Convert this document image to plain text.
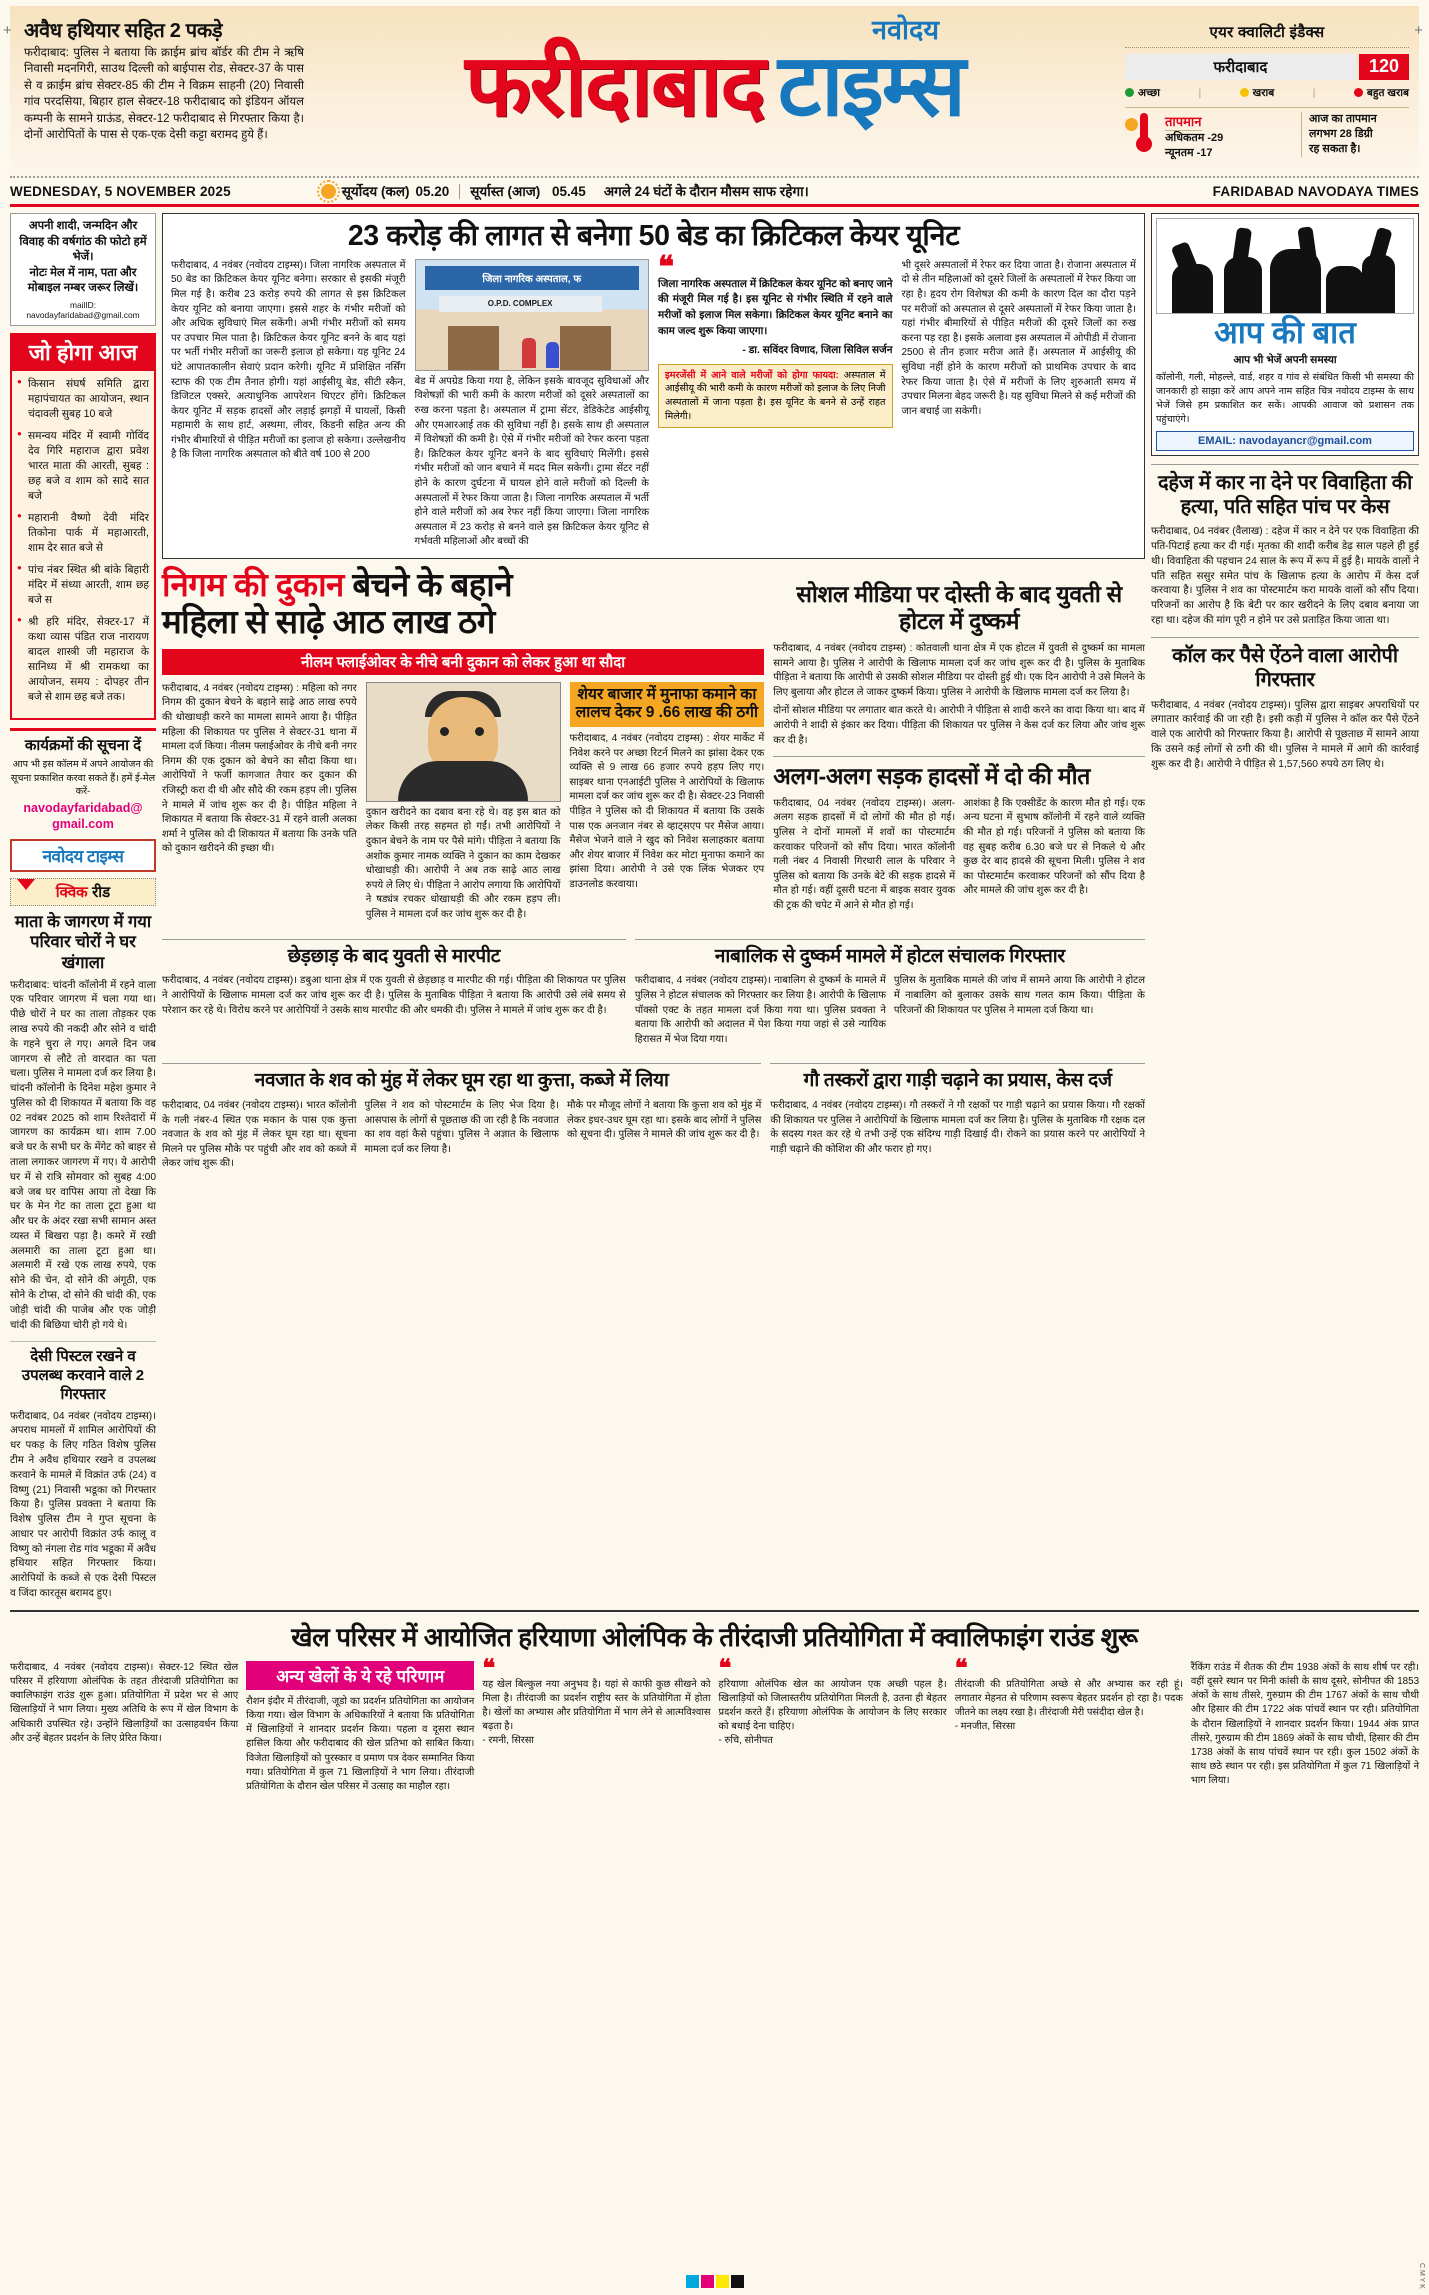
अवैध हथियार सहित 2 पकड़े
फरीदाबाद: पुलिस ने बताया कि क्राईम ब्रांच बॉर्डर की टीम ने ऋषि निवासी मदनगिरी, साउथ दिल्ली को बाईपास रोड, सेक्टर-37 के पास से व क्राईम ब्रांच सेक्टर-85 की टीम ने विक्रम साहनी (20) निवासी गांव परदसिया, बिहार हाल सेक्टर-18 फरीदाबाद को इंडियन ऑयल कम्पनी के सामने ग्राऊंड, सेक्टर-12 फरीदाबाद से गिरफ्तार किया है। दोनों आरोपितों के पास से एक-एक देसी कट्टा बरामद हुये हैं।
नवोदय
फरीदाबाद टाइम्स
एयर क्वालिटी इंडैक्स
फरीदाबाद	120
अच्छा	|	खराब	|	बहुत खराब
तापमान
अधिकतम -29
न्यूनतम -17
आज का तापमान
लगभग 28 डिग्री
रह सकता है।
WEDNESDAY, 5 NOVEMBER 2025	सूर्योदय (कल) 05.20 सूर्यास्त (आज) 05.45 अगले 24 घंटों के दौरान मौसम साफ रहेगा।	FARIDABAD NAVODAYA TIMES
अपनी शादी, जन्मदिन और विवाह की वर्षगांठ की फोटो हमें भेजें।
नोटः मेल में नाम, पता और मोबाइल नम्बर जरूर लिखें।
mailID: navodayfaridabad@gmail.com
जो होगा आज
● किसान संघर्ष समिति द्वारा महापंचायत का आयोजन, स्थान चंदावली सुबह 10 बजे
● समन्वय मंदिर में स्वामी गोविंद देव गिरि महाराज द्वारा प्रवेश भारत माता की आरती, सुबह : छह बजे व शाम को सादे सात बजे
● महारानी वैष्णो देवी मंदिर तिकोना पार्क में महाआरती, शाम देर सात बजे से
● पांच नंबर स्थित श्री बांके बिहारी मंदिर में संध्या आरती, शाम छह बजे स
● श्री हरि मंदिर, सेक्टर-17 में कथा व्यास पंडित राज नारायण बादल शास्त्री जी महाराज के सानिध्य में श्री रामकथा का आयोजन, समय : दोपहर तीन बजे से शाम छह बजे तक।
कार्यक्रमों की सूचना दें

आप भी इस कॉलम में अपने आयोजन की सूचना प्रकाशित करवा सकते हैं। हमें ई-मेल करें-

navodayfaridabad@ gmail.com
नवोदय टाइम्स
क्विक रीड
माता के जागरण में गया परिवार चोरों ने घर खंगाला
फरीदाबाद: चांदनी कॉलोनी में रहने वाला एक परिवार जागरण में चला गया था। पीछे चोरों ने घर का ताला तोड़कर एक लाख रुपये की नकदी और सोने व चांदी के गहने चुरा ले गए। अगले दिन जब जागरण से लौटे तो वारदात का पता चला। पुलिस ने मामला दर्ज कर लिया है। चांदनी कॉलोनी के दिनेश महेश कुमार ने पुलिस को दी शिकायत में बताया कि वह 02 नवंबर 2025 को शाम रिश्तेदारों में जागरण का कार्यक्रम था। शाम 7.00 बजे घर के सभी घर के मेंगेट को बाहर से ताला लगाकर जागरण में गए। ये आरोपी घर में से रात्रि सोमवार को सुबह 4:00 बजे जब घर वापिस आया तो देखा कि घर के मेन गेट का ताला टूटा हुआ था और घर के अंदर रखा सभी सामान अस्त व्यस्त में बिखरा पड़ा है। कमरे में रखी अलमारी का ताला टूटा हुआ था। अलमारी में रखे एक लाख रुपये, एक सोने की चेन, दो सोने की अंगूठी, एक सोने के टोप्स, दो सोने की चांदी की, एक जोड़ी चांदी की पाजेब और एक जोड़ी चांदी की बिछिया चोरी हो गये थे।
देसी पिस्टल रखने व उपलब्ध करवाने वाले 2 गिरफ्तार
फरीदाबाद, 04 नवंबर (नवोदय टाइम्स)। अपराध मामलों में शामिल आरोपियों की धर पकड़ के लिए गठित विशेष पुलिस टीम ने अवैध हथियार रखने व उपलब्ध करवाने के मामले में विक्रांत उर्फ (24) व विष्णु (21) निवासी भडूका को गिरफ्तार किया है। पुलिस प्रवक्ता ने बताया कि विशेष पुलिस टीम ने गुप्त सूचना के आधार पर आरोपी विक्रांत उर्फ कालू व विष्णु को नंगला रोड गांव भडूका में अवैध हथियार सहित गिरफ्तार किया। आरोपियों के कब्जे से एक देसी पिस्टल व जिंदा कारतूस बरामद हुए।
23 करोड़ की लागत से बनेगा 50 बेड का क्रिटिकल केयर यूनिट
फरीदाबाद, 4 नवंबर (नवोदय टाइम्स)। जिला नागरिक अस्पताल में 50 बेड का क्रिटिकल केयर यूनिट बनेगा। सरकार से इसकी मंजूरी मिल गई है। करीब 23 करोड़ रुपये की लागत से इस क्रिटिकल केयर यूनिट को बनाया जाएगा। इससे शहर के गंभीर मरीजों को और अधिक सुविधाएं मिल सकेंगी। अभी गंभीर मरीजों को समय पर उपचार मिल पाता है। क्रिटिकल केयर यूनिट बनने के बाद यहां पर भर्ती गंभीर मरीजों का जरूरी इलाज हो सकेगा। यह यूनिट 24 घंटे आपातकालीन सेवाएं प्रदान करेगी। यूनिट में प्रशिक्षित नर्सिंग स्टाफ की एक टीम तैनात होगी। यहां आईसीयू बेड, सीटी स्कैन, डिजिटल एक्सरे, अत्याधुनिक आपरेशन थिएटर होंगे। क्रिटिकल केयर यूनिट में सड़क हादसों और लड़ाई झगड़ों में घायलों, किसी महामारी के साथ हार्ट, अस्थमा, लीवर, किडनी सहित अन्य की गंभीर बीमारियों से पीड़ित मरीजों का इलाज हो सकेगा। उल्लेखनीय है कि जिला नागरिक अस्पताल को बीते वर्ष 100 से 200
जिला नागरिक अस्पताल, फ
O.P.D. COMPLEX
बेड में अपग्रेड किया गया है, लेकिन इसके बावजूद सुविधाओं और विशेषज्ञों की भारी कमी के कारण मरीजों को दूसरे अस्पतालों का रुख करना पड़ता है। अस्पताल में ट्रामा सेंटर, डेडिकेटेड आईसीयू और एमआरआई तक की सुविधा नहीं है। इसके साथ ही अस्पताल में विशेषज्ञों की कमी है। ऐसे में गंभीर मरीजों को रेफर करना पड़ता है। क्रिटिकल केयर यूनिट बनने के बाद सुविधाएं मिलेंगी। इससे गंभीर मरीजों को जान बचाने में मदद मिल सकेगी। ट्रामा सेंटर नहीं होने के कारण दुर्घटना में घायल होने वाले मरीजों को दिल्ली के अस्पतालों में रेफर किया जाता है। जिला नागरिक अस्पताल में भर्ती होने वाले मरीजों को अब रेफर नहीं किया जाएगा। जिला नागरिक अस्पताल में 23 करोड़ से बनने वाले इस क्रिटिकल केयर यूनिट से गर्भवती महिलाओं और बच्चों की
❝
जिला नागरिक अस्पताल में क्रिटिकल केयर यूनिट को बनाए जाने की मंजूरी मिल गई है। इस यूनिट से गंभीर स्थिति में रहने वाले मरीजों को इलाज मिल सकेगा। क्रिटिकल केयर यूनिट बनाने का काम जल्द शुरू किया जाएगा।
- डा. सविंदर विणाद, जिला सिविल सर्जन
इमरजेंसी में आने वाले मरीजों को होगा फायदा: अस्पताल में आईसीयू की भारी कमी के कारण मरीजों को इलाज के लिए निजी अस्पतालों में जाना पड़ता है। इस यूनिट के बनने से उन्हें राहत मिलेगी।
भी दूसरे अस्पतालों में रेफर कर दिया जाता है। रोजाना अस्पताल में दो से तीन महिलाओं को दूसरे जिलों के अस्पतालों में रेफर किया जा रहा है। हृदय रोग विशेषज्ञ की कमी के कारण दिल का दौरा पड़ने पर मरीजों को अस्पताल से दूसरे अस्पतालों में रेफर किया जाता है। यहां गंभीर बीमारियों से पीड़ित मरीजों की दूसरे जिलों का रुख करना पड़ रहा है। इसके अलावा इस अस्पताल में ओपीडी में रोजाना 2500 से तीन हजार मरीज आते हैं। अस्पताल में आईसीयू की सुविधा नहीं होने के कारण मरीजों को प्राथमिक उपचार के बाद रेफर किया जाता है। ऐसे में मरीजों के लिए शुरुआती समय में उपचार मिलना बेहद जरूरी है। यह सुविधा मिलने से कई मरीजों की जान बचाई जा सकेगी।
निगम की दुकान बेचने के बहाने
महिला से साढ़े आठ लाख ठगे
नीलम फ्लाईओवर के नीचे बनी दुकान को लेकर हुआ था सौदा
फरीदाबाद, 4 नवंबर (नवोदय टाइम्स) : महिला को नगर निगम की दुकान बेचने के बहाने साढ़े आठ लाख रुपये की धोखाधड़ी करने का मामला सामने आया है। पीड़ित महिला की शिकायत पर पुलिस ने सेक्टर-31 थाना में मामला दर्ज किया। नीलम फ्लाईओवर के नीचे बनी नगर निगम की एक दुकान को बेचने का सौदा किया था। आरोपियों ने फर्जी कागजात तैयार कर दुकान की रजिस्ट्री करा दी थी और सौदे की रकम हड़प ली। पुलिस ने मामले में जांच शुरू कर दी है। पीड़ित महिला ने शिकायत में बताया कि सेक्टर-31 में रहने वाली अलका शर्मा ने पुलिस को दी शिकायत में बताया कि उनके पति को दुकान खरीदने की इच्छा थी।
दुकान खरीदने का दबाव बना रहे थे। वह इस बात को लेकर किसी तरह सहमत हो गईं। तभी आरोपियों ने दुकान बेचने के नाम पर पैसे मांगे। पीड़िता ने बताया कि अशोक कुमार नामक व्यक्ति ने दुकान का काम देखकर धोखाधड़ी की। आरोपी ने अब तक साढ़े आठ लाख रुपये ले लिए थे। पीड़िता ने आरोप लगाया कि आरोपियों ने षड्यंत्र रचकर धोखाधड़ी की और रकम हड़प ली। पुलिस ने मामला दर्ज कर जांच शुरू कर दी है।
शेयर बाजार में मुनाफा कमाने का लालच देकर 9 .66 लाख की ठगी
फरीदाबाद, 4 नवंबर (नवोदय टाइम्स) : शेयर मार्केट में निवेश करने पर अच्छा रिटर्न मिलने का झांसा देकर एक व्यक्ति से 9 लाख 66 हजार रुपये हड़प लिए गए। साइबर थाना एनआईटी पुलिस ने आरोपियों के खिलाफ मामला दर्ज कर जांच शुरू कर दी है। सेक्टर-23 निवासी पीड़ित ने पुलिस को दी शिकायत में बताया कि उसके पास एक अनजान नंबर से व्हाट्सएप पर मैसेज आया। मैसेज भेजने वाले ने खुद को निवेश सलाहकार बताया और शेयर बाजार में निवेश कर मोटा मुनाफा कमाने का झांसा दिया। आरोपी ने उसे एक लिंक भेजकर एप डाउनलोड करवाया।
सोशल मीडिया पर दोस्ती के बाद युवती से होटल में दुष्कर्म
फरीदाबाद, 4 नवंबर (नवोदय टाइम्स) : कोतवाली थाना क्षेत्र में एक होटल में युवती से दुष्कर्म का मामला सामने आया है। पुलिस ने आरोपी के खिलाफ मामला दर्ज कर जांच शुरू कर दी है। पुलिस के मुताबिक पीड़िता ने बताया कि आरोपी से उसकी सोशल मीडिया पर दोस्ती हुई थी। एक दिन आरोपी ने उसे मिलने के लिए बुलाया और होटल ले जाकर दुष्कर्म किया। पुलिस ने आरोपी के खिलाफ मामला दर्ज कर लिया है।
दोनों सोशल मीडिया पर लगातार बात करते थे। आरोपी ने पीड़िता से शादी करने का वादा किया था। बाद में आरोपी ने शादी से इंकार कर दिया। पीड़िता की शिकायत पर पुलिस ने केस दर्ज कर लिया और जांच शुरू कर दी है।
अलग-अलग सड़क हादसों में दो की मौत
फरीदाबाद, 04 नवंबर (नवोदय टाइम्स)। अलग-अलग सड़क हादसों में दो लोगों की मौत हो गई। पुलिस ने दोनों मामलों में शवों का पोस्टमार्टम करवाकर परिजनों को सौंप दिया। भारत कॉलोनी गली नंबर 4 निवासी गिरधारी लाल के परिवार ने पुलिस को बताया कि उनके बेटे की सड़क हादसे में मौत हो गई। वहीं दूसरी घटना में बाइक सवार युवक की ट्रक की चपेट में आने से मौत हो गई।
आशंका है कि एक्सीडेंट के कारण मौत हो गई। एक अन्य घटना में सुभाष कॉलोनी में रहने वाले व्यक्ति की मौत हो गई। परिजनों ने पुलिस को बताया कि वह सुबह करीब 6.30 बजे घर से निकले थे और कुछ देर बाद हादसे की सूचना मिली। पुलिस ने शव का पोस्टमार्टम करवाकर परिजनों को सौंप दिया है और मामले की जांच शुरू कर दी है।
छेड़छाड़ के बाद युवती से मारपीट
फरीदाबाद, 4 नवंबर (नवोदय टाइम्स)। डबुआ थाना क्षेत्र में एक युवती से छेड़छाड़ व मारपीट की गई। पीड़िता की शिकायत पर पुलिस ने आरोपियों के खिलाफ मामला दर्ज कर जांच शुरू कर दी है। पुलिस के मुताबिक पीड़िता ने बताया कि आरोपी उसे लंबे समय से परेशान कर रहे थे। विरोध करने पर आरोपियों ने उसके साथ मारपीट की और धमकी दी। पुलिस ने मामले में जांच शुरू कर दी है।
नाबालिक से दुष्कर्म मामले में होटल संचालक गिरफ्तार
फरीदाबाद, 4 नवंबर (नवोदय टाइम्स)। नाबालिग से दुष्कर्म के मामले में पुलिस ने होटल संचालक को गिरफ्तार कर लिया है। आरोपी के खिलाफ पॉक्सो एक्ट के तहत मामला दर्ज किया गया था। पुलिस प्रवक्ता ने बताया कि आरोपी को अदालत में पेश किया गया जहां से उसे न्यायिक हिरासत में भेज दिया गया।
पुलिस के मुताबिक मामले की जांच में सामने आया कि आरोपी ने होटल में नाबालिग को बुलाकर उसके साथ गलत काम किया। पीड़िता के परिजनों की शिकायत पर पुलिस ने मामला दर्ज किया था।
नवजात के शव को मुंह में लेकर घूम रहा था कुत्ता, कब्जे में लिया
फरीदाबाद, 04 नवंबर (नवोदय टाइम्स)। भारत कॉलोनी के गली नंबर-4 स्थित एक मकान के पास एक कुत्ता नवजात के शव को मुंह में लेकर घूम रहा था। सूचना मिलने पर पुलिस मौके पर पहुंची और शव को कब्जे में लेकर जांच शुरू की।
पुलिस ने शव को पोस्टमार्टम के लिए भेज दिया है। आसपास के लोगों से पूछताछ की जा रही है कि नवजात का शव वहां कैसे पहुंचा। पुलिस ने अज्ञात के खिलाफ मामला दर्ज कर लिया है।
मौके पर मौजूद लोगों ने बताया कि कुत्ता शव को मुंह में लेकर इधर-उधर घूम रहा था। इसके बाद लोगों ने पुलिस को सूचना दी। पुलिस ने मामले की जांच शुरू कर दी है।
गौ तस्करों द्वारा गाड़ी चढ़ाने का प्रयास, केस दर्ज
फरीदाबाद, 4 नवंबर (नवोदय टाइम्स)। गौ तस्करों ने गौ रक्षकों पर गाड़ी चढ़ाने का प्रयास किया। गौ रक्षकों की शिकायत पर पुलिस ने आरोपियों के खिलाफ मामला दर्ज कर लिया है। पुलिस के मुताबिक गौ रक्षक दल के सदस्य गश्त कर रहे थे तभी उन्हें एक संदिग्ध गाड़ी दिखाई दी। रोकने का प्रयास करने पर आरोपियों ने गाड़ी चढ़ाने की कोशिश की और फरार हो गए।
आप की बात
आप भी भेजें अपनी समस्या
कॉलोनी, गली, मोहल्ले, वार्ड, शहर व गांव से संबंधित किसी भी समस्या की जानकारी हो साझा करें आप अपने नाम सहित चित्र नवोदय टाइम्स के साथ भेजें जिसे हम प्रकाशित कर सकें। आपकी आवाज को प्रशासन तक पहुंचाएंगे।
EMAIL: navodayancr@gmail.com
दहेज में कार ना देने पर विवाहिता की हत्या, पति सहित पांच पर केस
फरीदाबाद, 04 नवंबर (वैलाख) : दहेज में कार न देने पर एक विवाहिता की पति-पिटाई हत्या कर दी गई। मृतका की शादी करीब डेढ़ साल पहले ही हुई थी। विवाहिता की पहचान 24 साल के रूप में रूप में हुई है। मायके वालों ने पति सहित ससुर समेत पांच के खिलाफ हत्या के आरोप में केस दर्ज करवाया है। पुलिस ने शव का पोस्टमार्टम करा मायके वालों को सौंप दिया। परिजनों का आरोप है कि बेटी पर कार खरीदने के लिए दबाव बनाया जा रहा था। दहेज की मांग पूरी न होने पर उसे प्रताड़ित किया जाता था।
कॉल कर पैसे ऐंठने वाला आरोपी गिरफ्तार
फरीदाबाद, 4 नवंबर (नवोदय टाइम्स)। पुलिस द्वारा साइबर अपराधियों पर लगातार कार्रवाई की जा रही है। इसी कड़ी में पुलिस ने कॉल कर पैसे ऐंठने वाले एक आरोपी को गिरफ्तार किया है। आरोपी से पूछताछ में सामने आया कि उसने कई लोगों से ठगी की थी। पुलिस ने मामले में आगे की कार्रवाई शुरू कर दी है। आरोपी ने पीड़ित से 1,57,560 रुपये ठग लिए थे।
खेल परिसर में आयोजित हरियाणा ओलंपिक के तीरंदाजी प्रतियोगिता में क्वालिफाइंग राउंड शुरू
फरीदाबाद, 4 नवंबर (नवोदय टाइम्स)। सेक्टर-12 स्थित खेल परिसर में हरियाणा ओलंपिक के तहत तीरंदाजी प्रतियोगिता का क्वालिफाइंग राउंड शुरू हुआ। प्रतियोगिता में प्रदेश भर से आए खिलाड़ियों ने भाग लिया। मुख्य अतिथि के रूप में खेल विभाग के अधिकारी उपस्थित रहे। उन्होंने खिलाड़ियों का उत्साहवर्धन किया और उन्हें बेहतर प्रदर्शन के लिए प्रेरित किया।
अन्य खेलों के ये रहे परिणाम
रौशन इंदौर में तीरंदाजी, जूडो का प्रदर्शन प्रतियोगिता का आयोजन किया गया। खेल विभाग के अधिकारियों ने बताया कि प्रतियोगिता में खिलाड़ियों ने शानदार प्रदर्शन किया। पहला व दूसरा स्थान हासिल किया और फरीदाबाद की खेल प्रतिभा को साबित किया। विजेता खिलाड़ियों को पुरस्कार व प्रमाण पत्र देकर सम्मानित किया गया। प्रतियोगिता में कुल 71 खिलाड़ियों ने भाग लिया। तीरंदाजी प्रतियोगिता के दौरान खेल परिसर में उत्साह का माहौल रहा।
❝
यह खेल बिल्कुल नया अनुभव है। यहां से काफी कुछ सीखने को मिला है। तीरंदाजी का प्रदर्शन राष्ट्रीय स्तर के प्रतियोगिता में होता है। खेलों का अभ्यास और प्रतियोगिता में भाग लेने से आत्मविश्वास बढ़ता है।
- रमनी, सिरसा
❝
हरियाणा ओलंपिक खेल का आयोजन एक अच्छी पहल है। खिलाड़ियों को जिलास्तरीय प्रतियोगिता मिलती है, उतना ही बेहतर प्रदर्शन करते हैं। हरियाणा ओलंपिक के आयोजन के लिए सरकार को बधाई देना चाहिए।
- रुचि, सोनीपत
❝
तीरंदाजी की प्रतियोगिता अच्छे से और अभ्यास कर रही हूं। लगातार मेहनत से परिणाम स्वरूप बेहतर प्रदर्शन हो रहा है। पदक जीतने का लक्ष्य रखा है। तीरंदाजी मेरी पसंदीदा खेल है।
- मनजीत, सिरसा
रैंकिंग राउंड में शैतक की टीम 1938 अंकों के साथ शीर्ष पर रही। वहीं दूसरे स्थान पर मिनी कांसी के साथ दूसरे, सोनीपत की 1853 अंकों के साथ तीसरे, गुरुग्राम की टीम 1767 अंकों के साथ चौथी और हिसार की टीम 1722 अंक पांचवें स्थान पर रही। प्रतियोगिता के दौरान खिलाड़ियों ने शानदार प्रदर्शन किया। 1944 अंक प्राप्त तीसरे, गुरुग्राम की टीम 1869 अंकों के साथ चौथी, हिसार की टीम 1738 अंकों के साथ पांचवें स्थान पर रही। कुल 1502 अंकों के साथ छठे स्थान पर रही। इस प्रतियोगिता में कुल 71 खिलाड़ियों ने भाग लिया।
+	+
C M Y K
